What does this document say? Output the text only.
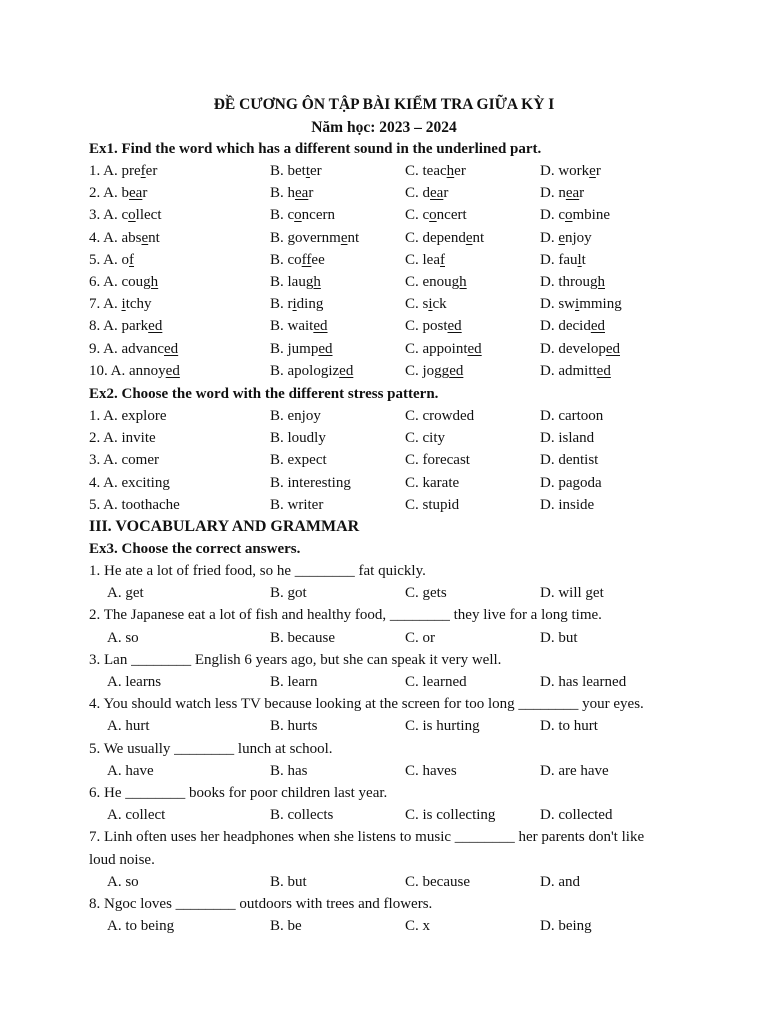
ĐỀ CƯƠNG ÔN TẬP BÀI KIỂM TRA GIỮA KỲ I
Năm học: 2023 – 2024
Ex1. Find the word which has a different sound in the underlined part.
1. A. prefer	B. better	C. teacher	D. worker
2. A. bear	B. hear	C. dear	D. near
3. A. collect	B. concern	C. concert	D. combine
4. A. absent	B. government	C. dependent	D. enjoy
5. A. of	B. coffee	C. leaf	D. fault
6. A. cough	B. laugh	C. enough	D. through
7. A. itchy	B. riding	C. sick	D. swimming
8. A. parked	B. waited	C. posted	D. decided
9. A. advanced	B. jumped	C. appointed	D. developed
10. A. annoyed	B. apologized	C. jogged	D. admitted
Ex2. Choose the word with the different stress pattern.
1. A. explore	B. enjoy	C. crowded	D. cartoon
2. A. invite	B. loudly	C. city	D. island
3. A. comer	B. expect	C. forecast	D. dentist
4. A. exciting	B. interesting	C. karate	D. pagoda
5. A. toothache	B. writer	C. stupid	D. inside
III. VOCABULARY AND GRAMMAR
Ex3. Choose the correct answers.
1. He ate a lot of fried food, so he ________ fat quickly.
A. get	B. got	C. gets	D. will get
2. The Japanese eat a lot of fish and healthy food, ________ they live for a long time.
A. so	B. because	C. or	D. but
3. Lan ________ English 6 years ago, but she can speak it very well.
A. learns	B. learn	C. learned	D. has learned
4. You should watch less TV because looking at the screen for too long ________ your eyes.
A. hurt	B. hurts	C. is hurting	D. to hurt
5. We usually ________ lunch at school.
A. have	B. has	C. haves	D. are have
6. He ________ books for poor children last year.
A. collect	B. collects	C. is collecting	D. collected
7. Linh often uses her headphones when she listens to music ________ her parents don't like
loud noise.
A. so	B. but	C. because	D. and
8. Ngoc loves ________ outdoors with trees and flowers.
A. to being	B. be	C. x	D. being
